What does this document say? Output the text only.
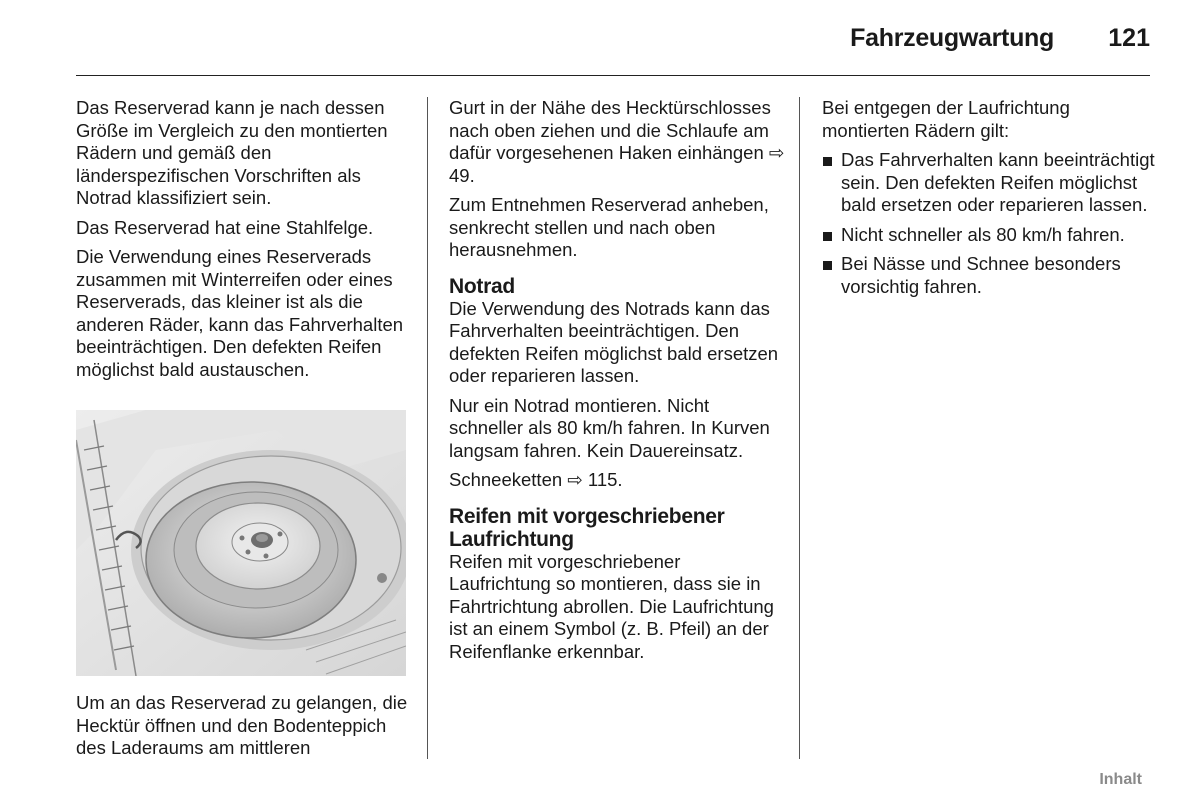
Fahrzeugwartung	121

Das Reserverad kann je nach dessen Größe im Vergleich zu den montierten Rädern und gemäß den länderspezifischen Vorschriften als Notrad klassifiziert sein.

Das Reserverad hat eine Stahlfelge.

Die Verwendung eines Reserverads zusammen mit Winterreifen oder eines Reserverads, das kleiner ist als die anderen Räder, kann das Fahrverhalten beeinträchtigen. Den defekten Reifen möglichst bald austauschen.

Um an das Reserverad zu gelangen, die Hecktür öffnen und den Bodenteppich des Laderaums am mittleren

Gurt in der Nähe des Hecktürschlosses nach oben ziehen und die Schlaufe am dafür vorgesehenen Haken einhängen ⇨ 49.

Zum Entnehmen Reserverad anheben, senkrecht stellen und nach oben herausnehmen.

Notrad

Die Verwendung des Notrads kann das Fahrverhalten beeinträchtigen. Den defekten Reifen möglichst bald ersetzen oder reparieren lassen.

Nur ein Notrad montieren. Nicht schneller als 80 km/h fahren. In Kurven langsam fahren. Kein Dauereinsatz.

Schneeketten ⇨ 115.

Reifen mit vorgeschriebener Laufrichtung

Reifen mit vorgeschriebener Laufrichtung so montieren, dass sie in Fahrtrichtung abrollen. Die Laufrichtung ist an einem Symbol (z. B. Pfeil) an der Reifenflanke erkennbar.

Bei entgegen der Laufrichtung montierten Rädern gilt:

Das Fahrverhalten kann beeinträchtigt sein. Den defekten Reifen möglichst bald ersetzen oder reparieren lassen.
Nicht schneller als 80 km/h fahren.
Bei Nässe und Schnee besonders vorsichtig fahren.
Inhalt
